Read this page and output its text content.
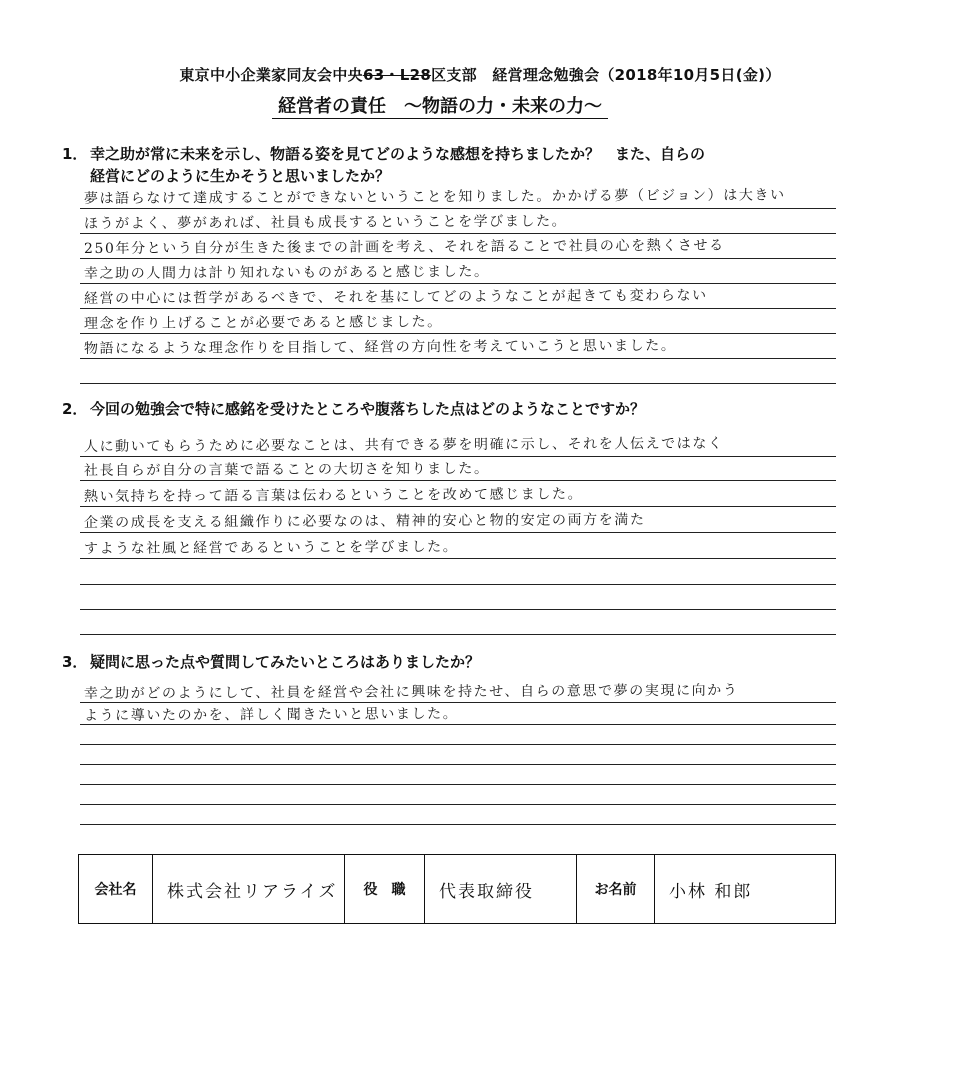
東京中小企業家同友会中央63・L28区支部　経営理念勉強会（2018年10月5日(金)）
経営者の責任　～物語の力・未来の力～
1． 幸之助が常に未来を示し、物語る姿を見てどのような感想を持ちましたか？　また、自らの
経営にどのように生かそうと思いましたか？
夢は語らなけて達成することができないということを知りました。かかげる夢（ビジョン）は大きい
ほうがよく、夢があれば、社員も成長するということを学びました。
250年分という自分が生きた後までの計画を考え、それを語ることで社員の心を熱くさせる
幸之助の人間力は計り知れないものがあると感じました。
経営の中心には哲学があるべきで、それを基にしてどのようなことが起きても変わらない
理念を作り上げることが必要であると感じました。
物語になるような理念作りを目指して、経営の方向性を考えていこうと思いました。
2． 今回の勉強会で特に感銘を受けたところや腹落ちした点はどのようなことですか？
人に動いてもらうために必要なことは、共有できる夢を明確に示し、それを人伝えではなく
社長自らが自分の言葉で語ることの大切さを知りました。
熱い気持ちを持って語る言葉は伝わるということを改めて感じました。
企業の成長を支える組織作りに必要なのは、精神的安心と物的安定の両方を満た
すような社風と経営であるということを学びました。
3． 疑問に思った点や質問してみたいところはありましたか？
幸之助がどのようにして、社員を経営や会社に興味を持たせ、自らの意思で夢の実現に向かう
ように導いたのかを、詳しく聞きたいと思いました。
会社名	株式会社リアライズ	役　職	代表取締役	お名前	小林 和郎
